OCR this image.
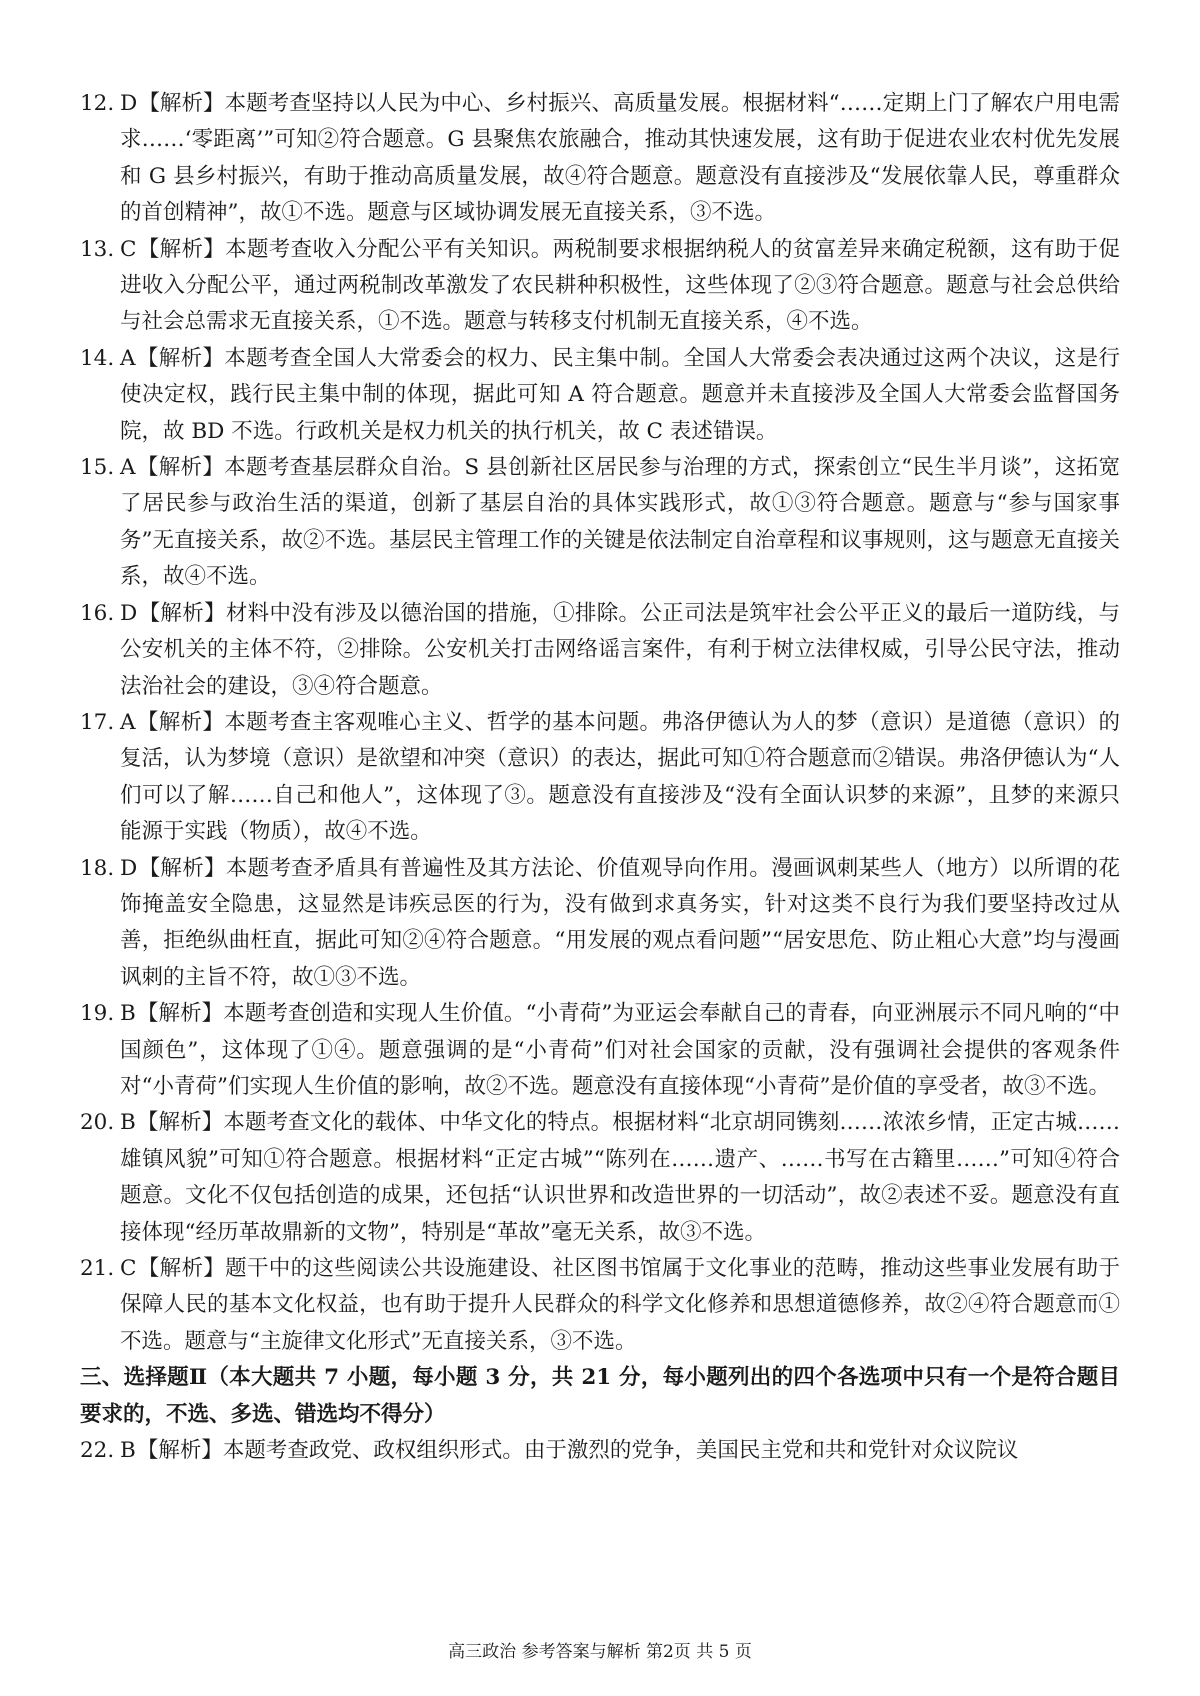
12. D【解析】本题考查坚持以人民为中心、乡村振兴、高质量发展。根据材料“……定期上门了解农户用电需求……‘零距离’”可知②符合题意。G 县聚焦农旅融合，推动其快速发展，这有助于促进农业农村优先发展和 G 县乡村振兴，有助于推动高质量发展，故④符合题意。题意没有直接涉及“发展依靠人民，尊重群众的首创精神”，故①不选。题意与区域协调发展无直接关系，③不选。
13. C【解析】本题考查收入分配公平有关知识。两税制要求根据纳税人的贫富差异来确定税额，这有助于促进收入分配公平，通过两税制改革激发了农民耕种积极性，这些体现了②③符合题意。题意与社会总供给与社会总需求无直接关系，①不选。题意与转移支付机制无直接关系，④不选。
14. A【解析】本题考查全国人大常委会的权力、民主集中制。全国人大常委会表决通过这两个决议，这是行使决定权，践行民主集中制的体现，据此可知 A 符合题意。题意并未直接涉及全国人大常委会监督国务院，故 BD 不选。行政机关是权力机关的执行机关，故 C 表述错误。
15. A【解析】本题考查基层群众自治。S 县创新社区居民参与治理的方式，探索创立“民生半月谈”，这拓宽了居民参与政治生活的渠道，创新了基层自治的具体实践形式，故①③符合题意。题意与“参与国家事务”无直接关系，故②不选。基层民主管理工作的关键是依法制定自治章程和议事规则，这与题意无直接关系，故④不选。
16. D【解析】材料中没有涉及以德治国的措施，①排除。公正司法是筑牢社会公平正义的最后一道防线，与公安机关的主体不符，②排除。公安机关打击网络谣言案件，有利于树立法律权威，引导公民守法，推动法治社会的建设，③④符合题意。
17. A【解析】本题考查主客观唯心主义、哲学的基本问题。弗洛伊德认为人的梦（意识）是道德（意识）的复活，认为梦境（意识）是欲望和冲突（意识）的表达，据此可知①符合题意而②错误。弗洛伊德认为“人们可以了解……自己和他人”，这体现了③。题意没有直接涉及“没有全面认识梦的来源”，且梦的来源只能源于实践（物质），故④不选。
18. D【解析】本题考查矛盾具有普遍性及其方法论、价值观导向作用。漫画讽刺某些人（地方）以所谓的花饰掩盖安全隐患，这显然是讳疾忌医的行为，没有做到求真务实，针对这类不良行为我们要坚持改过从善，拒绝纵曲枉直，据此可知②④符合题意。“用发展的观点看问题”“居安思危、防止粗心大意”均与漫画讽刺的主旨不符，故①③不选。
19. B【解析】本题考查创造和实现人生价值。“小青荷”为亚运会奉献自己的青春，向亚洲展示不同凡响的“中国颜色”，这体现了①④。题意强调的是“小青荷”们对社会国家的贡献，没有强调社会提供的客观条件对“小青荷”们实现人生价值的影响，故②不选。题意没有直接体现“小青荷”是价值的享受者，故③不选。
20. B【解析】本题考查文化的载体、中华文化的特点。根据材料“北京胡同镌刻……浓浓乡情，正定古城……雄镇风貌”可知①符合题意。根据材料“正定古城”“陈列在……遗产、……书写在古籍里……”可知④符合题意。文化不仅包括创造的成果，还包括“认识世界和改造世界的一切活动”，故②表述不妥。题意没有直接体现“经历革故鼎新的文物”，特别是“革故”毫无关系，故③不选。
21. C【解析】题干中的这些阅读公共设施建设、社区图书馆属于文化事业的范畴，推动这些事业发展有助于保障人民的基本文化权益，也有助于提升人民群众的科学文化修养和思想道德修养，故②④符合题意而①不选。题意与“主旋律文化形式”无直接关系，③不选。
三、选择题Ⅱ（本大题共 7 小题，每小题 3 分，共 21 分，每小题列出的四个各选项中只有一个是符合题目要求的，不选、多选、错选均不得分）
22. B【解析】本题考查政党、政权组织形式。由于激烈的党争，美国民主党和共和党针对众议院议
高三政治 参考答案与解析 第2页 共 5 页
